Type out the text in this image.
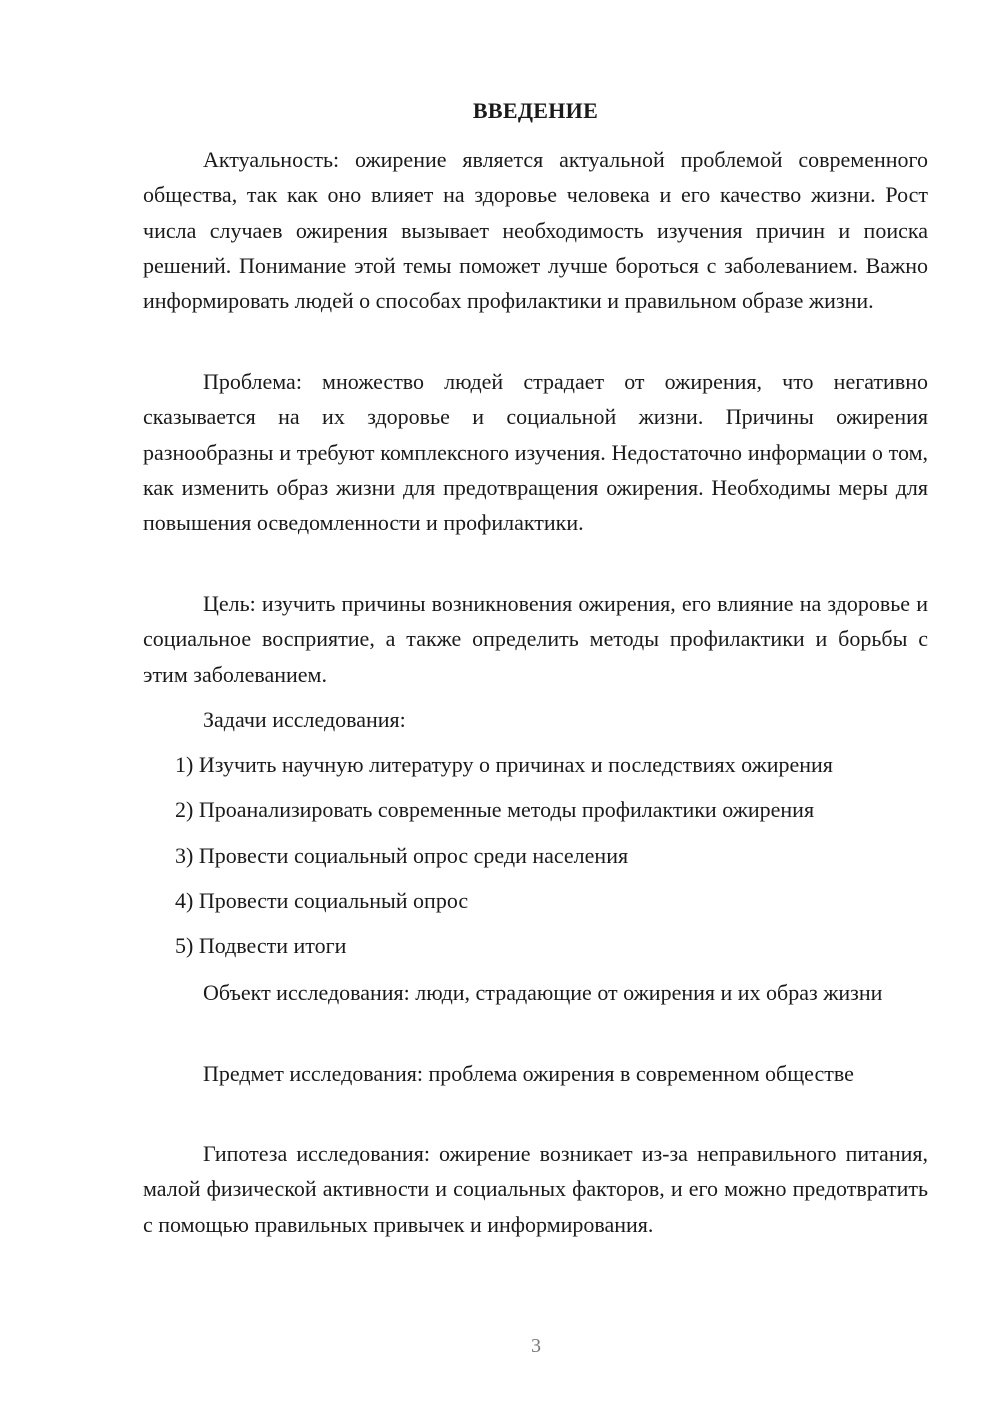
ВВЕДЕНИЕ

Актуальность: ожирение является актуальной проблемой современного общества, так как оно влияет на здоровье человека и его качество жизни. Рост числа случаев ожирения вызывает необходимость изучения причин и поиска решений. Понимание этой темы поможет лучше бороться с заболеванием. Важно информировать людей о способах профилактики и правильном образе жизни.

Проблема: множество людей страдает от ожирения, что негативно сказывается на их здоровье и социальной жизни. Причины ожирения разнообразны и требуют комплексного изучения. Недостаточно информации о том, как изменить образ жизни для предотвращения ожирения. Необходимы меры для повышения осведомленности и профилактики.

Цель: изучить причины возникновения ожирения, его влияние на здоровье и социальное восприятие, а также определить методы профилактики и борьбы с этим заболеванием.

Задачи исследования:

1) Изучить научную литературу о причинах и последствиях ожирения
2) Проанализировать современные методы профилактики ожирения
3) Провести социальный опрос среди населения
4) Провести социальный опрос
5) Подвести итоги

Объект исследования: люди, страдающие от ожирения и их образ жизни

Предмет исследования: проблема ожирения в современном обществе

Гипотеза исследования: ожирение возникает из-за неправильного питания, малой физической активности и социальных факторов, и его можно предотвратить с помощью правильных привычек и информирования.

3
